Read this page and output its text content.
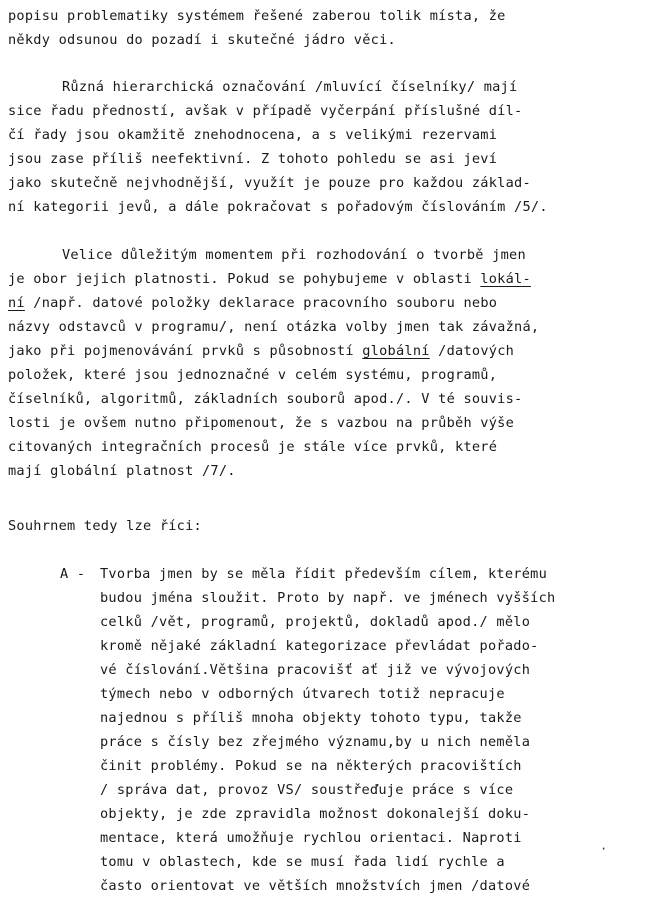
popisu problematiky systémem řešené zaberou tolik místa, že
někdy odsunou do pozadí i skutečné jádro věci.
Různá hierarchická označování /mluvící číselníky/ mají
sice řadu předností, avšak v případě vyčerpání příslušné díl-
čí řady jsou okamžitě znehodnocena, a s velikými rezervami
jsou zase příliš neefektivní. Z tohoto pohledu se asi jeví
jako skutečně nejvhodnější, využít je pouze pro každou základ-
ní kategorii jevů, a dále pokračovat s pořadovým číslováním /5/.
Velice důležitým momentem při rozhodování o tvorbě jmen
je obor jejich platnosti. Pokud se pohybujeme v oblasti lokál-
ní /např. datové položky deklarace pracovního souboru nebo
názvy odstavců v programu/, není otázka volby jmen tak závažná,
jako při pojmenovávání prvků s působností globální /datových
položek, které jsou jednoznačné v celém systému, programů,
číselníků, algoritmů, základních souborů apod./. V té souvis-
losti je ovšem nutno připomenout, že s vazbou na průběh výše
citovaných integračních procesů je stále více prvků, které
mají globální platnost /7/.
Souhrnem tedy lze říci:
A - Tvorba jmen by se měla řídit především cílem, kterému
budou jména sloužit. Proto by např. ve jménech vyšších
celků /vět, programů, projektů, dokladů apod./ mělo
kromě nějaké základní kategorizace převládat pořado-
vé číslování.Většina pracovišť ať již ve vývojových
týmech nebo v odborných útvarech totiž nepracuje
najednou s příliš mnoha objekty tohoto typu, takže
práce s čísly bez zřejmého významu,by u nich neměla
činit problémy. Pokud se na některých pracovištích
/ správa dat, provoz VS/ soustřeďuje práce s více
objekty, je zde zpravidla možnost dokonalejší doku-
mentace, která umožňuje rychlou orientaci. Naproti
tomu v oblastech, kde se musí řada lidí rychle a
často orientovat ve větších množstvích jmen /datové
·
